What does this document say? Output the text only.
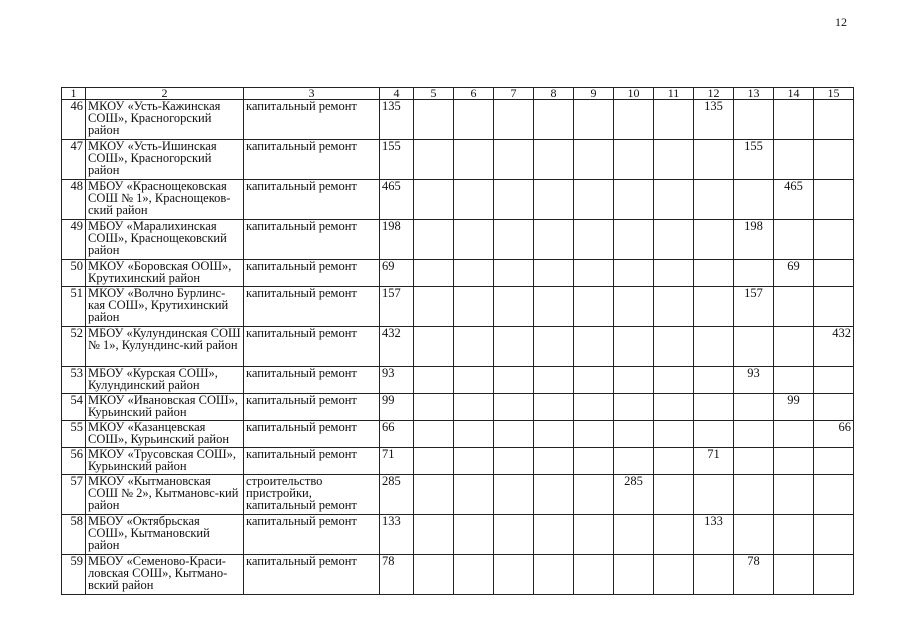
12
1	2	3	4	5	6	7	8	9	10	11	12	13	14	15
46	МКОУ «Усть-Кажинская СОШ», Красногорский район	капитальный ремонт	135								135			
47	МКОУ «Усть-Ишинская СОШ», Красногорский район	капитальный ремонт	155									155		
48	МБОУ «Краснощековская СОШ № 1», Краснощеков-ский район	капитальный ремонт	465										465	
49	МБОУ «Маралихинская СОШ», Краснощековский район	капитальный ремонт	198									198		
50	МКОУ «Боровская ООШ», Крутихинский район	капитальный ремонт	69										69	
51	МКОУ «Волчно Бурлинс-кая СОШ», Крутихинский район	капитальный ремонт	157									157		
52	МБОУ «Кулундинская СОШ № 1», Кулундинс-кий район	капитальный ремонт	432											432
53	МБОУ «Курская СОШ», Кулундинский район	капитальный ремонт	93									93		
54	МКОУ «Ивановская СОШ», Курьинский район	капитальный ремонт	99										99	
55	МКОУ «Казанцевская СОШ», Курьинский район	капитальный ремонт	66											66
56	МКОУ «Трусовская СОШ», Курьинский район	капитальный ремонт	71								71			
57	МКОУ «Кытмановская СОШ № 2», Кытмановс-кий район	строительство пристройки, капитальный ремонт	285						285					
58	МБОУ «Октябрьская СОШ», Кытмановский район	капитальный ремонт	133								133			
59	МБОУ «Семеново-Краси-ловская СОШ», Кытмано-вский район	капитальный ремонт	78									78		
